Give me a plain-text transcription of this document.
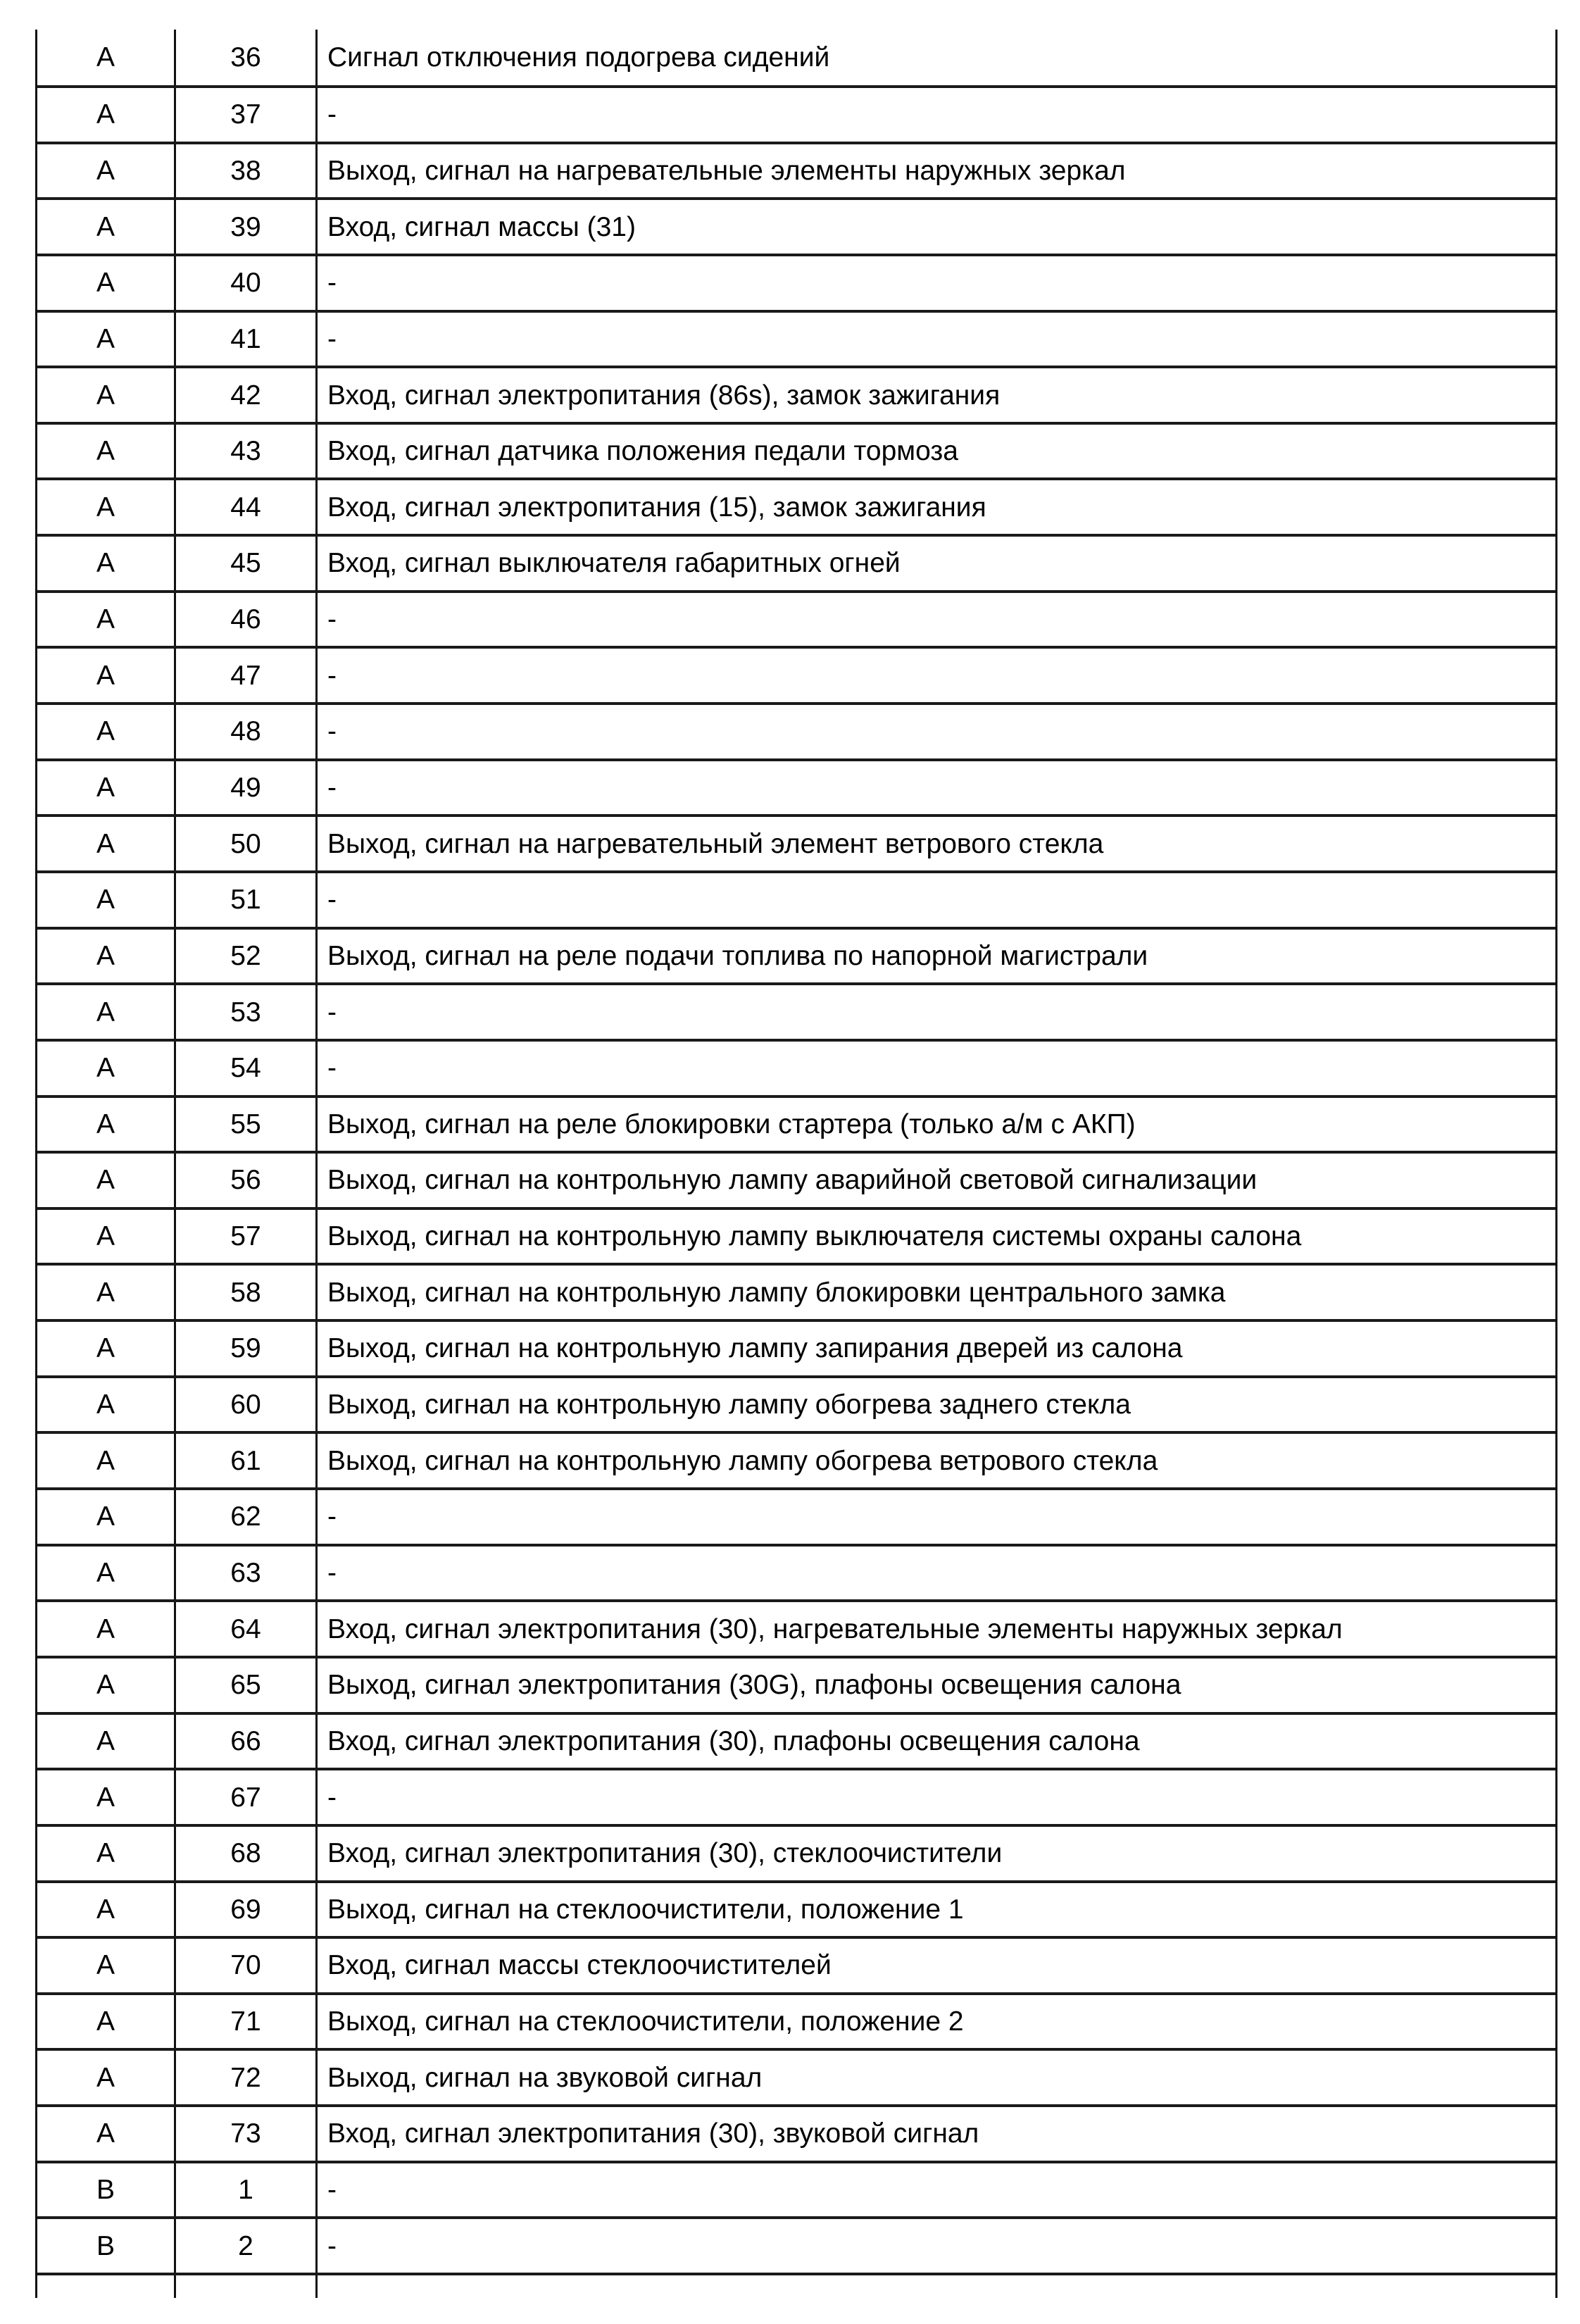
A	36	Сигнал отключения подогрева сидений
A	37	-
A	38	Выход, сигнал на нагревательные элементы наружных зеркал
A	39	Вход, сигнал массы (31)
A	40	-
A	41	-
A	42	Вход, сигнал электропитания (86s), замок зажигания
A	43	Вход, сигнал датчика положения педали тормоза
A	44	Вход, сигнал электропитания (15), замок зажигания
A	45	Вход, сигнал выключателя габаритных огней
A	46	-
A	47	-
A	48	-
A	49	-
A	50	Выход, сигнал на нагревательный элемент ветрового стекла
A	51	-
A	52	Выход, сигнал на реле подачи топлива по напорной магистрали
A	53	-
A	54	-
A	55	Выход, сигнал на реле блокировки стартера (только а/м с АКП)
A	56	Выход, сигнал на контрольную лампу аварийной световой сигнализации
A	57	Выход, сигнал на контрольную лампу выключателя системы охраны салона
A	58	Выход, сигнал на контрольную лампу блокировки центрального замка
A	59	Выход, сигнал на контрольную лампу запирания дверей из салона
A	60	Выход, сигнал на контрольную лампу обогрева заднего стекла
A	61	Выход, сигнал на контрольную лампу обогрева ветрового стекла
A	62	-
A	63	-
A	64	Вход, сигнал электропитания (30), нагревательные элементы наружных зеркал
A	65	Выход, сигнал электропитания (30G), плафоны освещения салона
A	66	Вход, сигнал электропитания (30), плафоны освещения салона
A	67	-
A	68	Вход, сигнал электропитания (30), стеклоочистители
A	69	Выход, сигнал на стеклоочистители, положение 1
A	70	Вход, сигнал массы стеклоочистителей
A	71	Выход, сигнал на стеклоочистители, положение 2
A	72	Выход, сигнал на звуковой сигнал
A	73	Вход, сигнал электропитания (30), звуковой сигнал
B	1	-
B	2	-
